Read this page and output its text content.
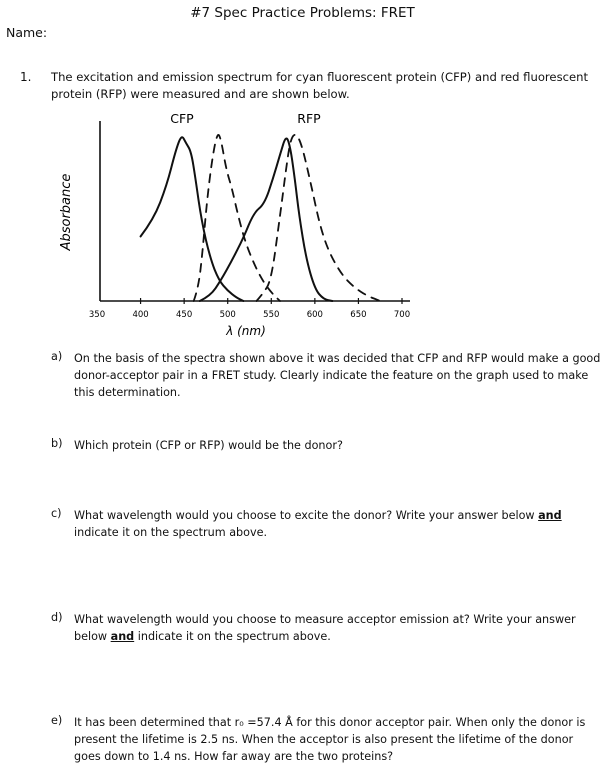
#7 Spec Practice Problems: FRET
Name:
1. The excitation and emission spectrum for cyan fluorescent protein (CFP) and red fluorescent protein (RFP) were measured and are shown below.
Absorbance
λ (nm)
CFP	RFP
350	400	450	500	550	600	650	700
a) On the basis of the spectra shown above it was decided that CFP and RFP would make a good donor-acceptor pair in a FRET study. Clearly indicate the feature on the graph used to make this determination.
b) Which protein (CFP or RFP) would be the donor?
c) What wavelength would you choose to excite the donor? Write your answer below and indicate it on the spectrum above.
d) What wavelength would you choose to measure acceptor emission at? Write your answer below and indicate it on the spectrum above.
e) It has been determined that r₀ =57.4 Å for this donor acceptor pair. When only the donor is present the lifetime is 2.5 ns. When the acceptor is also present the lifetime of the donor goes down to 1.4 ns. How far away are the two proteins?
